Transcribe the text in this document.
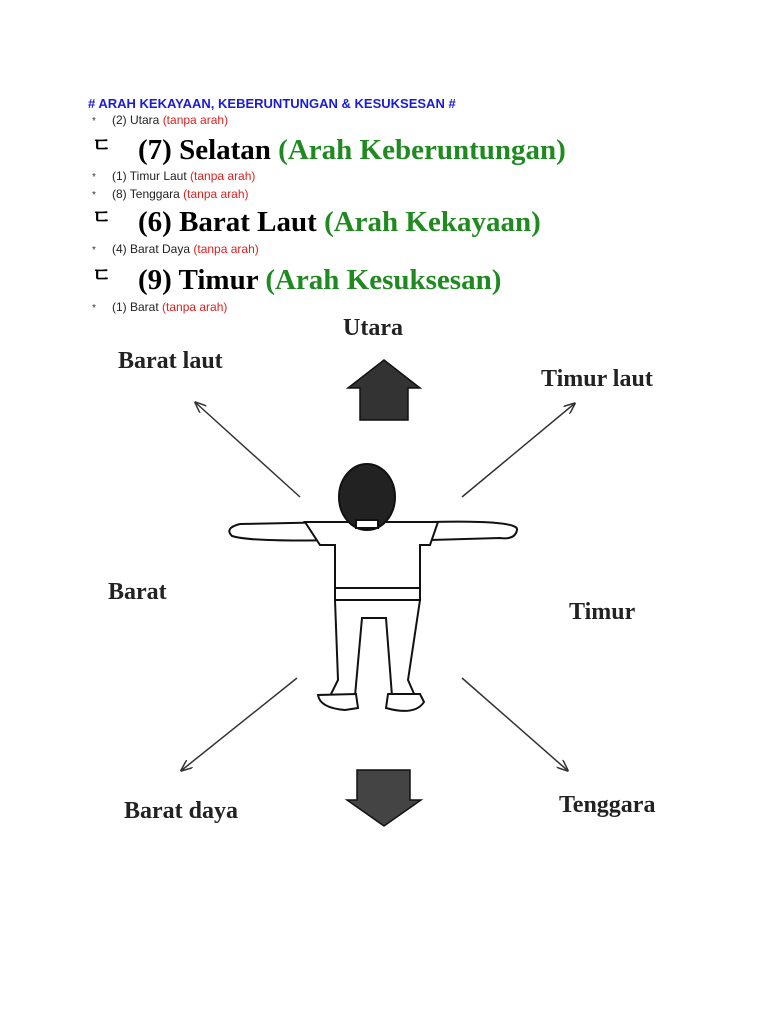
# ARAH KEKAYAAN, KEBERUNTUNGAN & KESUKSESAN #
* (2) Utara (tanpa arah)
ㄷ (7) Selatan (Arah Keberuntungan)
* (1) Timur Laut (tanpa arah)
* (8) Tenggara (tanpa arah)
ㄷ (6) Barat Laut (Arah Kekayaan)
* (4) Barat Daya (tanpa arah)
ㄷ (9) Timur (Arah Kesuksesan)
* (1) Barat (tanpa arah)
Utara
Barat laut
Timur laut
Barat
Timur
Barat daya	Tenggara
